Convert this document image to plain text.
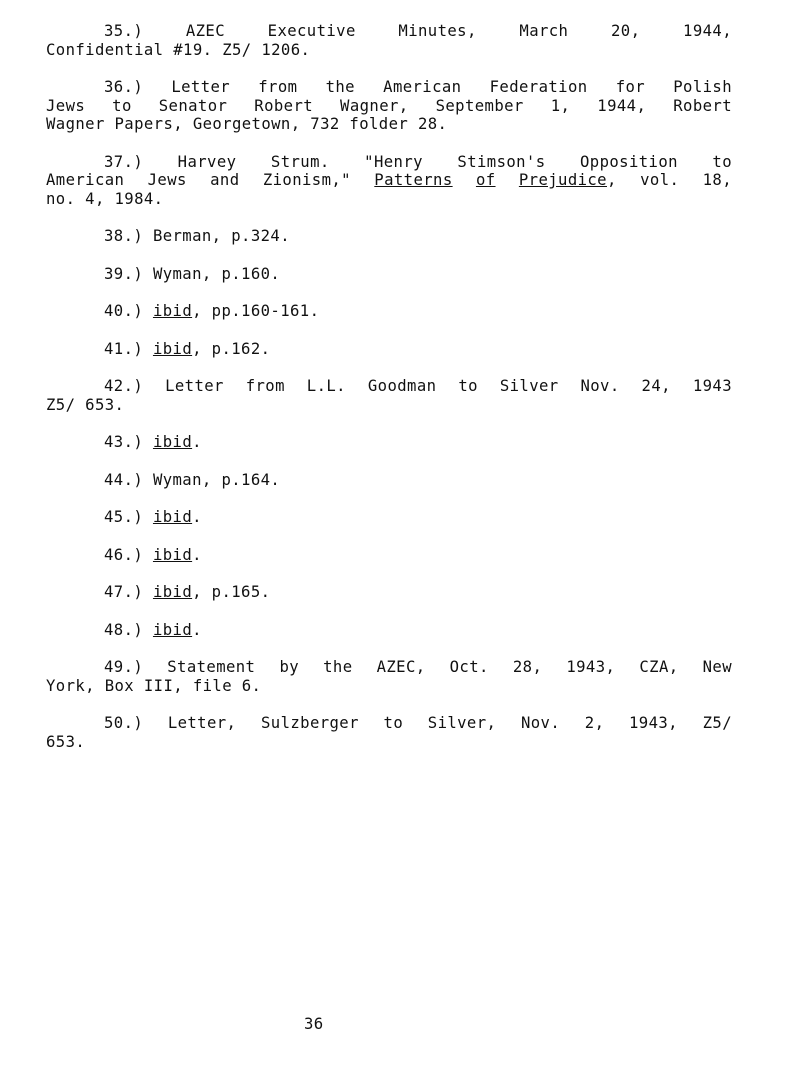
35.) AZEC Executive Minutes, March 20, 1944,
Confidential #19. Z5/ 1206.
36.) Letter from the American Federation for Polish
Jews to Senator Robert Wagner, September 1, 1944, Robert
Wagner Papers, Georgetown, 732 folder 28.
37.) Harvey Strum. "Henry Stimson's Opposition to
American Jews and Zionism," Patterns of Prejudice, vol. 18,
no. 4, 1984.
38.) Berman, p.324.
39.) Wyman, p.160.
40.) ibid, pp.160-161.
41.) ibid, p.162.
42.) Letter from L.L. Goodman to Silver Nov. 24, 1943
Z5/ 653.
43.) ibid.
44.) Wyman, p.164.
45.) ibid.
46.) ibid.
47.) ibid, p.165.
48.) ibid.
49.) Statement by the AZEC, Oct. 28, 1943, CZA, New
York, Box III, file 6.
50.) Letter, Sulzberger to Silver, Nov. 2, 1943, Z5/
653.
36
